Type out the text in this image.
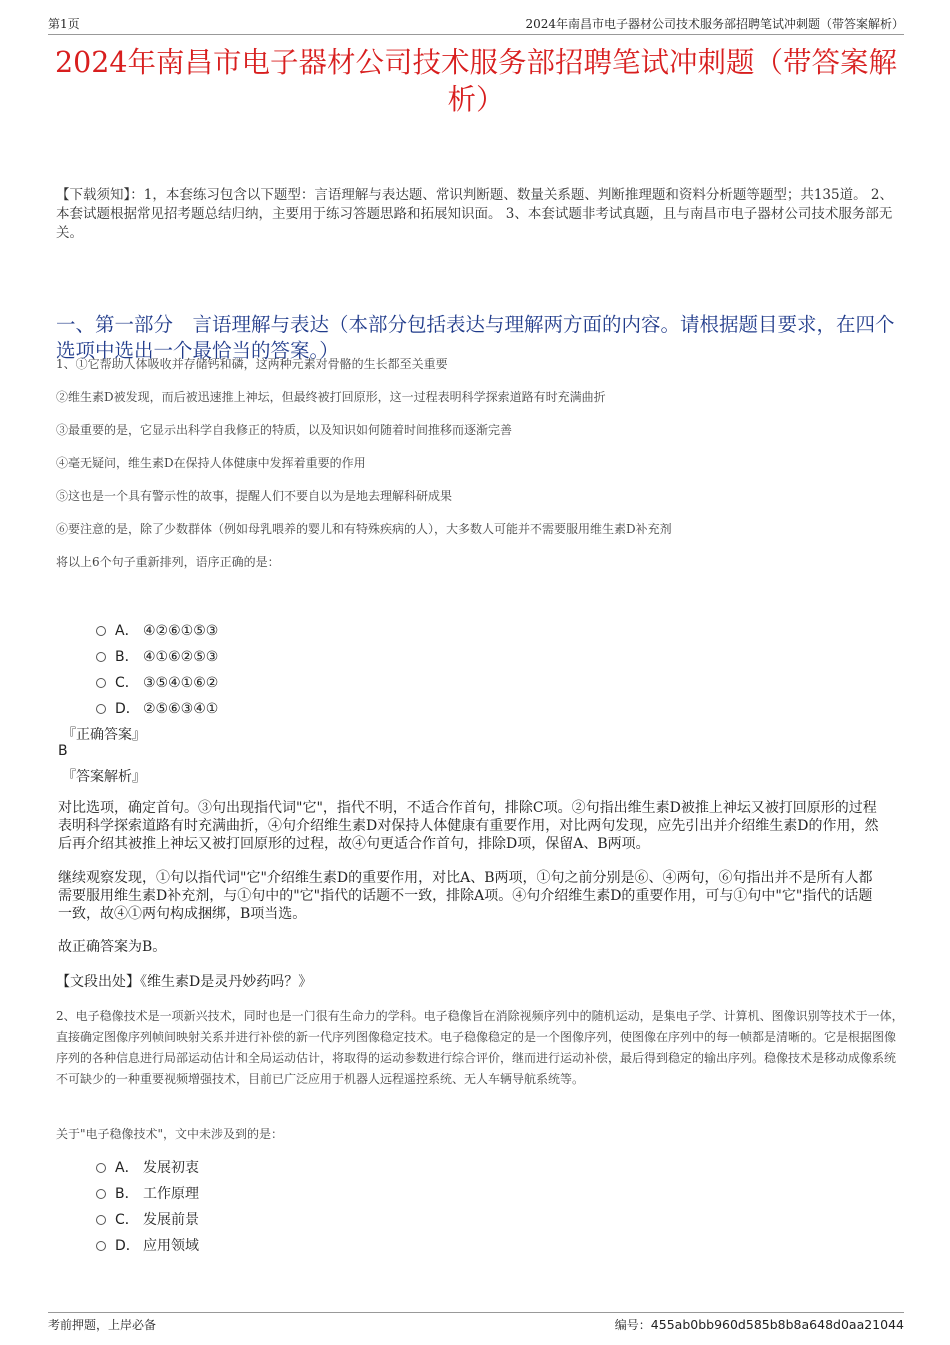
第1页	2024年南昌市电子器材公司技术服务部招聘笔试冲刺题（带答案解析）
2024年南昌市电子器材公司技术服务部招聘笔试冲刺题（带答案解析）
【下载须知】：1，本套练习包含以下题型：言语理解与表达题、常识判断题、数量关系题、判断推理题和资料分析题等题型；共135道。 2、本套试题根据常见招考题总结归纳，主要用于练习答题思路和拓展知识面。 3、本套试题非考试真题，且与南昌市电子器材公司技术服务部无关。
一、第一部分　言语理解与表达（本部分包括表达与理解两方面的内容。请根据题目要求，在四个选项中选出一个最恰当的答案。）

1、①它帮助人体吸收并存储钙和磷，这两种元素对骨骼的生长都至关重要

②维生素D被发现，而后被迅速推上神坛，但最终被打回原形，这一过程表明科学探索道路有时充满曲折

③最重要的是，它显示出科学自我修正的特质，以及知识如何随着时间推移而逐渐完善

④毫无疑问，维生素D在保持人体健康中发挥着重要的作用

⑤这也是一个具有警示性的故事，提醒人们不要自以为是地去理解科研成果

⑥要注意的是，除了少数群体（例如母乳喂养的婴儿和有特殊疾病的人），大多数人可能并不需要服用维生素D补充剂

将以上6个句子重新排列，语序正确的是：

A． ④②⑥①⑤③
B． ④①⑥②⑤③
C． ③⑤④①⑥②
D． ②⑤⑥③④①
『正确答案』
B
『答案解析』

对比选项，确定首句。③句出现指代词"它"，指代不明，不适合作首句，排除C项。②句指出维生素D被推上神坛又被打回原形的过程表明科学探索道路有时充满曲折，④句介绍维生素D对保持人体健康有重要作用，对比两句发现，应先引出并介绍维生素D的作用，然后再介绍其被推上神坛又被打回原形的过程，故④句更适合作首句，排除D项，保留A、B两项。

继续观察发现，①句以指代词"它"介绍维生素D的重要作用，对比A、B两项，①句之前分别是⑥、④两句，⑥句指出并不是所有人都需要服用维生素D补充剂，与①句中的"它"指代的话题不一致，排除A项。④句介绍维生素D的重要作用，可与①句中"它"指代的话题一致，故④①两句构成捆绑，B项当选。

故正确答案为B。

【文段出处】《维生素D是灵丹妙药吗？》

2、电子稳像技术是一项新兴技术，同时也是一门很有生命力的学科。电子稳像旨在消除视频序列中的随机运动，是集电子学、计算机、图像识别等技术于一体，直接确定图像序列帧间映射关系并进行补偿的新一代序列图像稳定技术。电子稳像稳定的是一个图像序列，使图像在序列中的每一帧都是清晰的。它是根据图像序列的各种信息进行局部运动估计和全局运动估计，将取得的运动参数进行综合评价，继而进行运动补偿，最后得到稳定的输出序列。稳像技术是移动成像系统不可缺少的一种重要视频增强技术，目前已广泛应用于机器人远程遥控系统、无人车辆导航系统等。

关于"电子稳像技术"，文中未涉及到的是：

A． 发展初衷
B． 工作原理
C． 发展前景
D． 应用领域
考前押题，上岸必备	编号：455ab0bb960d585b8b8a648d0aa21044
